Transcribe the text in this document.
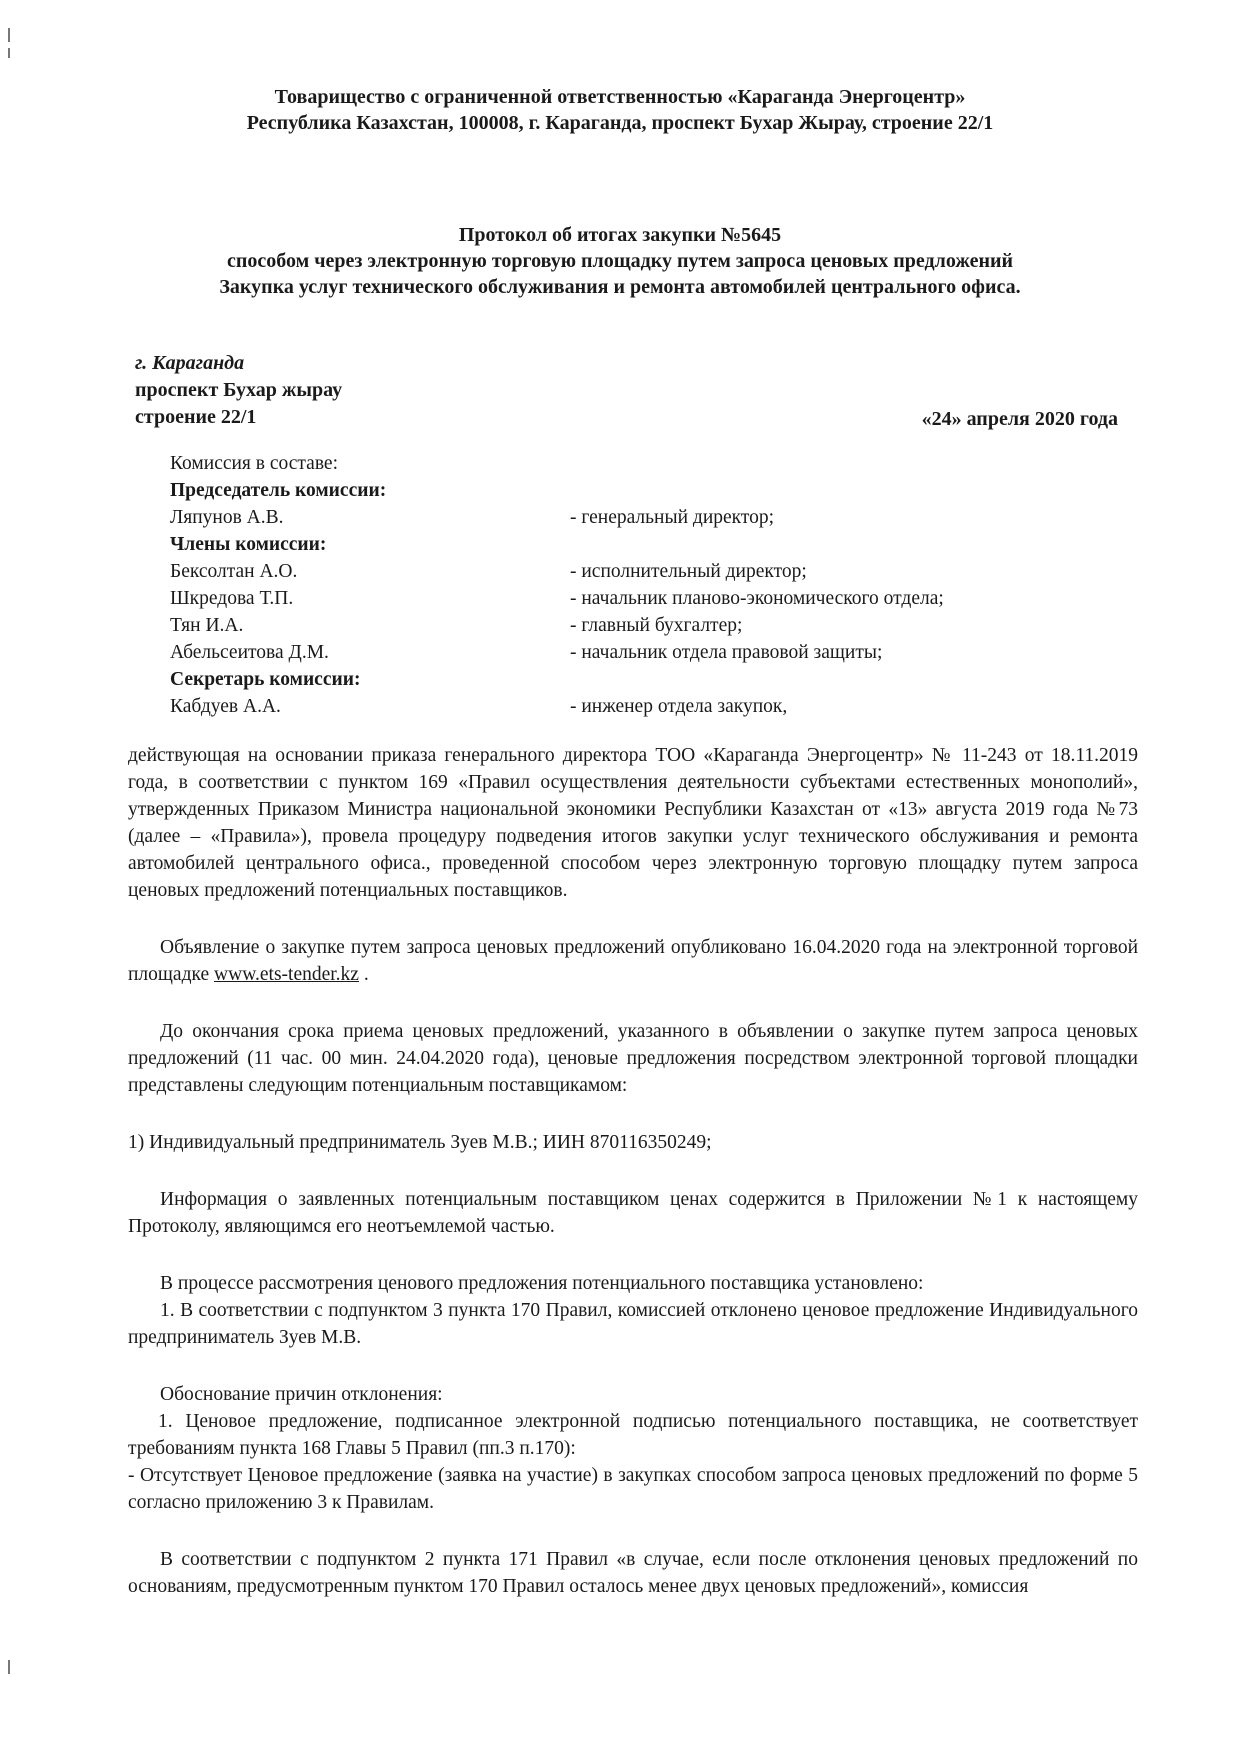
Товарищество с ограниченной ответственностью «Караганда Энергоцентр»
Республика Казахстан, 100008, г. Караганда, проспект Бухар Жырау, строение 22/1
Протокол об итогах закупки №5645
способом через электронную торговую площадку путем запроса ценовых предложений
Закупка услуг технического обслуживания и ремонта автомобилей центрального офиса.
г. Караганда
проспект Бухар жырау
строение 22/1	«24» апреля 2020 года
Комиссия в составе:
Председатель комиссии:
Ляпунов А.В.	- генеральный директор;
Члены комиссии:
Бексолтан А.О.	- исполнительный директор;
Шкредова Т.П.	- начальник планово-экономического отдела;
Тян И.А.	- главный бухгалтер;
Абельсеитова Д.М.	- начальник отдела правовой защиты;
Секретарь комиссии:
Кабдуев А.А.	- инженер отдела закупок,

действующая на основании приказа генерального директора ТОО «Караганда Энергоцентр» № 11-243 от 18.11.2019 года, в соответствии с пунктом 169 «Правил осуществления деятельности субъектами естественных монополий», утвержденных Приказом Министра национальной экономики Республики Казахстан от «13» августа 2019 года №73 (далее – «Правила»), провела процедуру подведения итогов закупки услуг технического обслуживания и ремонта автомобилей центрального офиса., проведенной способом через электронную торговую площадку путем запроса ценовых предложений потенциальных поставщиков.

Объявление о закупке путем запроса ценовых предложений опубликовано 16.04.2020 года на электронной торговой площадке www.ets-tender.kz .

До окончания срока приема ценовых предложений, указанного в объявлении о закупке путем запроса ценовых предложений (11 час. 00 мин. 24.04.2020 года), ценовые предложения посредством электронной торговой площадки представлены следующим потенциальным поставщикамом:

1) Индивидуальный предприниматель Зуев М.В.; ИИН 870116350249;

Информация о заявленных потенциальным поставщиком ценах содержится в Приложении №1 к настоящему Протоколу, являющимся его неотъемлемой частью.

В процессе рассмотрения ценового предложения потенциального поставщика установлено:

1. В соответствии с подпунктом 3 пункта 170 Правил, комиссией отклонено ценовое предложение Индивидуального предприниматель Зуев М.В.

Обоснование причин отклонения:

1. Ценовое предложение, подписанное электронной подписью потенциального поставщика, не соответствует требованиям пункта 168 Главы 5 Правил (пп.3 п.170):

- Отсутствует Ценовое предложение (заявка на участие) в закупках способом запроса ценовых предложений по форме 5 согласно приложению 3 к Правилам.

В соответствии с подпунктом 2 пункта 171 Правил «в случае, если после отклонения ценовых предложений по основаниям, предусмотренным пунктом 170 Правил осталось менее двух ценовых предложений», комиссия
